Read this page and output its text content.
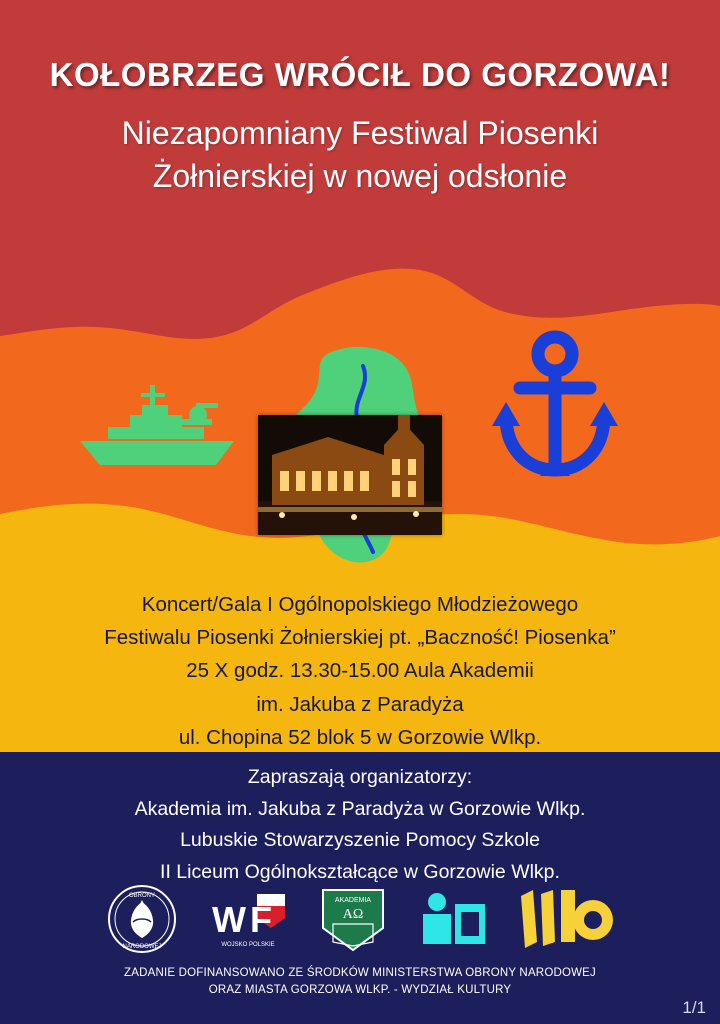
KOŁOBRZEG WRÓCIŁ DO GORZOWA!
Niezapomniany Festiwal Piosenki
Żołnierskiej w nowej odsłonie
Koncert/Gala I Ogólnopolskiego Młodzieżowego
Festiwalu Piosenki Żołnierskiej pt. „Baczność! Piosenka”
25 X godz. 13.30-15.00 Aula Akademii
im. Jakuba z Paradyża
ul. Chopina 52 blok 5 w Gorzowie Wlkp.
Zapraszają organizatorzy:
Akademia im. Jakuba z Paradyża w Gorzowie Wlkp.
Lubuskie Stowarzyszenie Pomocy Szkole
II Liceum Ogólnokształcące w Gorzowie Wlkp.
OBRONY
NARODOWEJ
W F
WOJSKO POLSKIE
AKADEMIA
ΑΩ
ZADANIE DOFINANSOWANO ZE ŚRODKÓW MINISTERSTWA OBRONY NARODOWEJ
ORAZ MIASTA GORZOWA WLKP. - WYDZIAŁ KULTURY
1/1
